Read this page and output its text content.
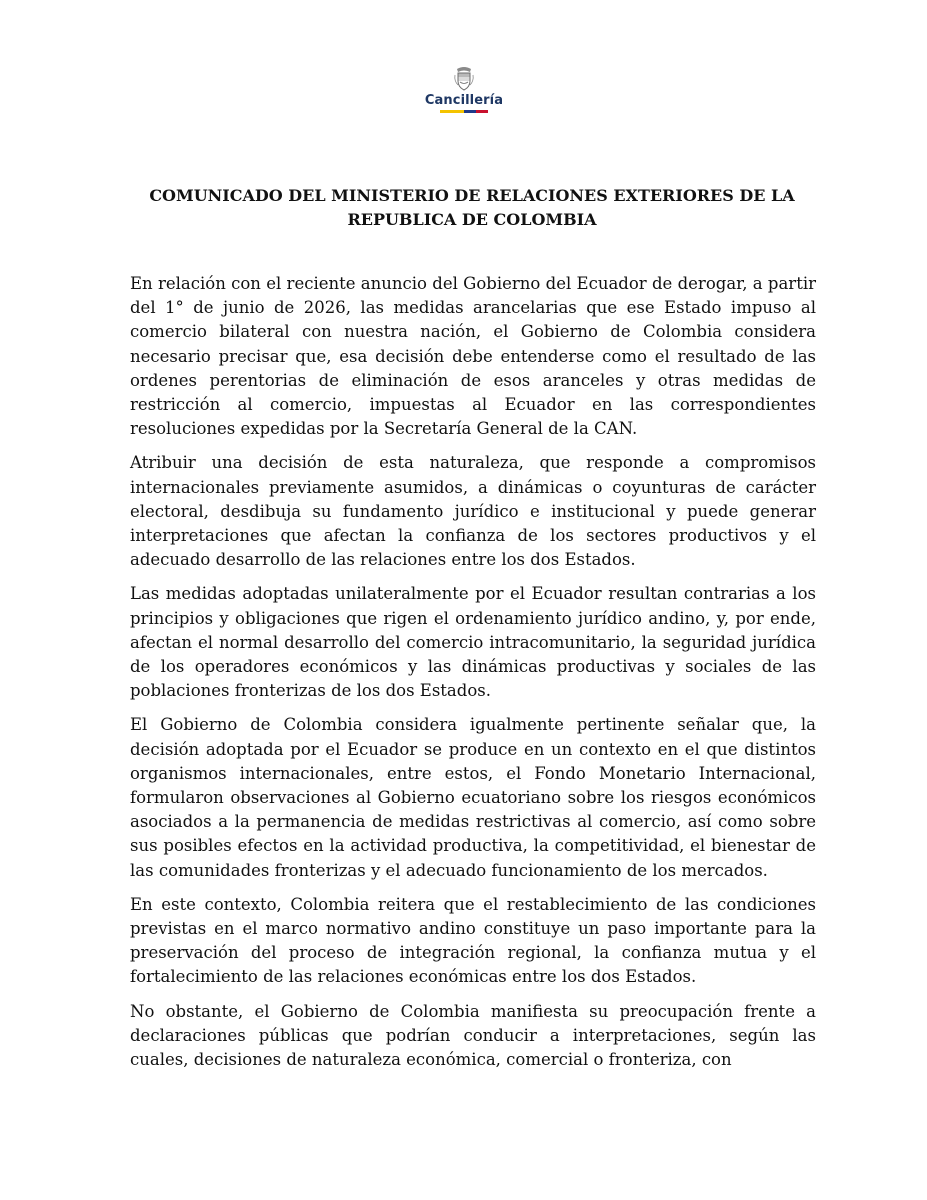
Cancillería
COMUNICADO DEL MINISTERIO DE RELACIONES EXTERIORES DE LA
REPUBLICA DE COLOMBIA

En relación con el reciente anuncio del Gobierno del Ecuador de derogar, a partir del 1° de junio de 2026, las medidas arancelarias que ese Estado impuso al comercio bilateral con nuestra nación, el Gobierno de Colombia considera necesario precisar que, esa decisión debe entenderse como el resultado de las ordenes perentorias de eliminación de esos aranceles y otras medidas de restricción al comercio, impuestas al Ecuador en las correspondientes resoluciones expedidas por la Secretaría General de la CAN.

Atribuir una decisión de esta naturaleza, que responde a compromisos internacionales previamente asumidos, a dinámicas o coyunturas de carácter electoral, desdibuja su fundamento jurídico e institucional y puede generar interpretaciones que afectan la confianza de los sectores productivos y el adecuado desarrollo de las relaciones entre los dos Estados.

Las medidas adoptadas unilateralmente por el Ecuador resultan contrarias a los principios y obligaciones que rigen el ordenamiento jurídico andino, y, por ende, afectan el normal desarrollo del comercio intracomunitario, la seguridad jurídica de los operadores económicos y las dinámicas productivas y sociales de las poblaciones fronterizas de los dos Estados.

El Gobierno de Colombia considera igualmente pertinente señalar que, la decisión adoptada por el Ecuador se produce en un contexto en el que distintos organismos internacionales, entre estos, el Fondo Monetario Internacional, formularon observaciones al Gobierno ecuatoriano sobre los riesgos económicos asociados a la permanencia de medidas restrictivas al comercio, así como sobre sus posibles efectos en la actividad productiva, la competitividad, el bienestar de las comunidades fronterizas y el adecuado funcionamiento de los mercados.

En este contexto, Colombia reitera que el restablecimiento de las condiciones previstas en el marco normativo andino constituye un paso importante para la preservación del proceso de integración regional, la confianza mutua y el fortalecimiento de las relaciones económicas entre los dos Estados.

No obstante, el Gobierno de Colombia manifiesta su preocupación frente a declaraciones públicas que podrían conducir a interpretaciones, según las cuales, decisiones de naturaleza económica, comercial o fronteriza, con
